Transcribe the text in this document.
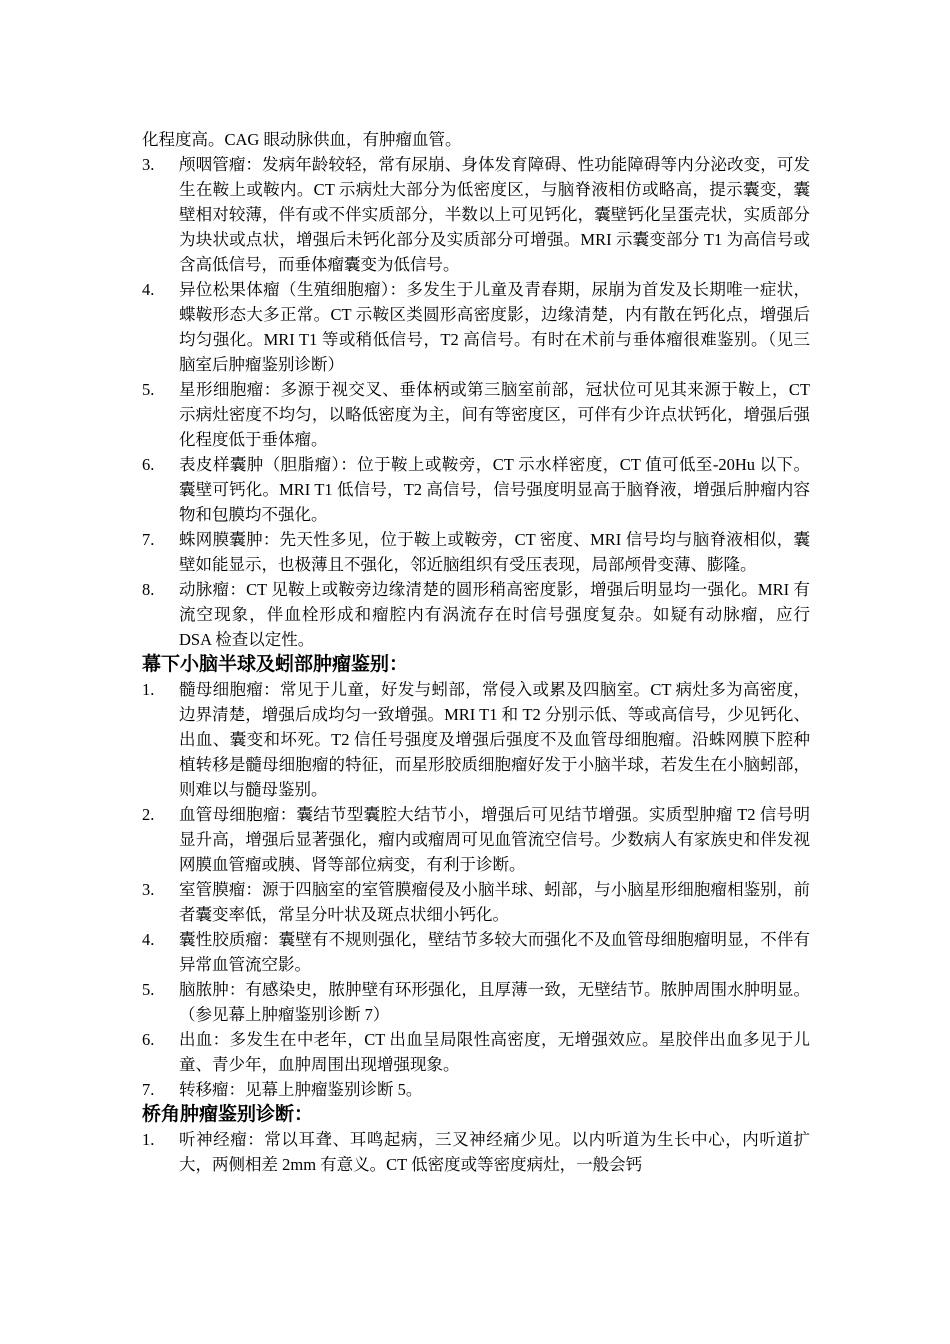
化程度高。CAG 眼动脉供血，有肿瘤血管。

3.	颅咽管瘤：发病年龄较轻，常有尿崩、身体发育障碍、性功能障碍等内分泌改变，可发生在鞍上或鞍内。CT 示病灶大部分为低密度区，与脑脊液相仿或略高，提示囊变，囊壁相对较薄，伴有或不伴实质部分，半数以上可见钙化，囊壁钙化呈蛋壳状，实质部分为块状或点状，增强后未钙化部分及实质部分可增强。MRI 示囊变部分 T1 为高信号或含高低信号，而垂体瘤囊变为低信号。
4.	异位松果体瘤（生殖细胞瘤）：多发生于儿童及青春期，尿崩为首发及长期唯一症状，蝶鞍形态大多正常。CT 示鞍区类圆形高密度影，边缘清楚，内有散在钙化点，增强后均匀强化。MRI T1 等或稍低信号，T2 高信号。有时在术前与垂体瘤很难鉴别。（见三脑室后肿瘤鉴别诊断）
5.	星形细胞瘤：多源于视交叉、垂体柄或第三脑室前部，冠状位可见其来源于鞍上，CT 示病灶密度不均匀，以略低密度为主，间有等密度区，可伴有少许点状钙化，增强后强化程度低于垂体瘤。
6.	表皮样囊肿（胆脂瘤）：位于鞍上或鞍旁，CT 示水样密度，CT 值可低至-20Hu 以下。囊壁可钙化。MRI T1 低信号，T2 高信号，信号强度明显高于脑脊液，增强后肿瘤内容物和包膜均不强化。
7.	蛛网膜囊肿：先天性多见，位于鞍上或鞍旁，CT 密度、MRI 信号均与脑脊液相似，囊壁如能显示，也极薄且不强化，邻近脑组织有受压表现，局部颅骨变薄、膨隆。
8.	动脉瘤：CT 见鞍上或鞍旁边缘清楚的圆形稍高密度影，增强后明显均一强化。MRI 有流空现象，伴血栓形成和瘤腔内有涡流存在时信号强度复杂。如疑有动脉瘤，应行 DSA 检查以定性。
幕下小脑半球及蚓部肿瘤鉴别：
1.	髓母细胞瘤：常见于儿童，好发与蚓部，常侵入或累及四脑室。CT 病灶多为高密度，边界清楚，增强后成均匀一致增强。MRI T1 和 T2 分别示低、等或高信号，少见钙化、出血、囊变和坏死。T2 信任号强度及增强后强度不及血管母细胞瘤。沿蛛网膜下腔种植转移是髓母细胞瘤的特征，而星形胶质细胞瘤好发于小脑半球，若发生在小脑蚓部，则难以与髓母鉴别。
2.	血管母细胞瘤：囊结节型囊腔大结节小，增强后可见结节增强。实质型肿瘤 T2 信号明显升高，增强后显著强化，瘤内或瘤周可见血管流空信号。少数病人有家族史和伴发视网膜血管瘤或胰、肾等部位病变，有利于诊断。
3.	室管膜瘤：源于四脑室的室管膜瘤侵及小脑半球、蚓部，与小脑星形细胞瘤相鉴别，前者囊变率低，常呈分叶状及斑点状细小钙化。
4.	囊性胶质瘤：囊壁有不规则强化，壁结节多较大而强化不及血管母细胞瘤明显，不伴有异常血管流空影。
5.	脑脓肿：有感染史，脓肿壁有环形强化，且厚薄一致，无壁结节。脓肿周围水肿明显。（参见幕上肿瘤鉴别诊断 7）
6.	出血：多发生在中老年，CT 出血呈局限性高密度，无增强效应。星胶伴出血多见于儿童、青少年，血肿周围出现增强现象。
7.	转移瘤：见幕上肿瘤鉴别诊断 5。
桥角肿瘤鉴别诊断：
1.	听神经瘤：常以耳聋、耳鸣起病，三叉神经痛少见。以内听道为生长中心，内听道扩大，两侧相差 2mm 有意义。CT 低密度或等密度病灶，一般会钙
